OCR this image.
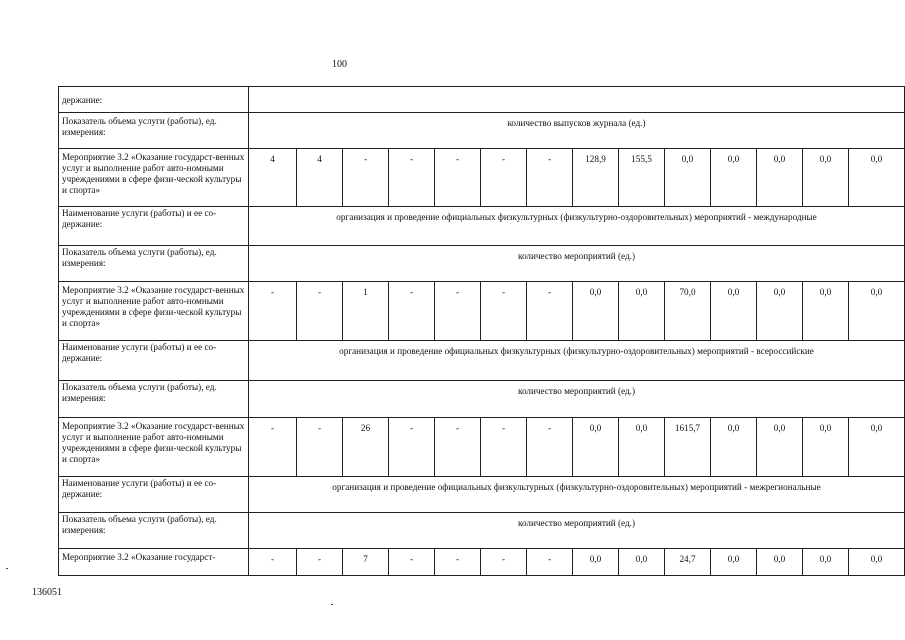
100
держание:														
Показатель объема услуги (работы), ед. измерения:	количество выпусков журнала (ед.)													
Мероприятие 3.2 «Оказание государст-венных услуг и выполнение работ авто-номными учреждениями в сфере физи-ческой культуры и спорта»	4	4	-	-	-	-	-	128,9	155,5	0,0	0,0	0,0	0,0	0,0
Наименование услуги (работы) и ее со-держание:	организация и проведение официальных физкультурных (физкультурно-оздоровительных) мероприятий - международные													
Показатель объема услуги (работы), ед. измерения:	количество мероприятий (ед.)													
Мероприятие 3.2 «Оказание государст-венных услуг и выполнение работ авто-номными учреждениями в сфере физи-ческой культуры и спорта»	-	-	1	-	-	-	-	0,0	0,0	70,0	0,0	0,0	0,0	0,0
Наименование услуги (работы) и ее со-держание:	организация и проведение официальных физкультурных (физкультурно-оздоровительных) мероприятий - всероссийские													
Показатель объема услуги (работы), ед. измерения:	количество мероприятий (ед.)													
Мероприятие 3.2 «Оказание государст-венных услуг и выполнение работ авто-номными учреждениями в сфере физи-ческой культуры и спорта»	-	-	26	-	-	-	-	0,0	0,0	1615,7	0,0	0,0	0,0	0,0
Наименование услуги (работы) и ее со-держание:	организация и проведение официальных физкультурных (физкультурно-оздоровительных) мероприятий - межрегиональные													
Показатель объема услуги (работы), ед. измерения:	количество мероприятий (ед.)													
Мероприятие 3.2 «Оказание государст-	-	-	7	-	-	-	-	0,0	0,0	24,7	0,0	0,0	0,0	0,0
136051
